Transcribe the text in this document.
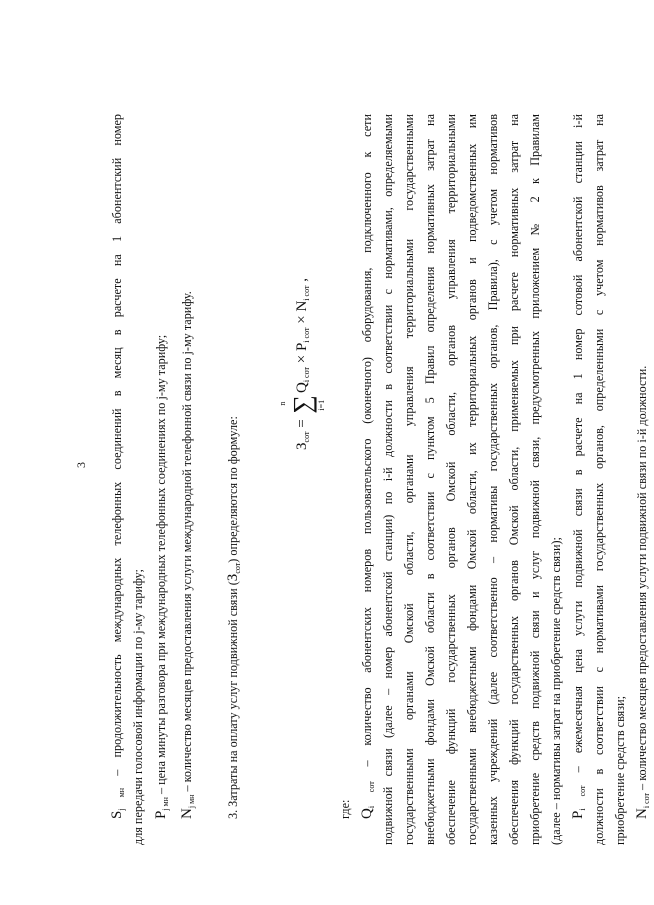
3
$S_{j мн}$ – продолжительность международных телефонных соединений в месяц в расчете на 1 абонентский номер для передачи голосовой информации по j-му тарифу; $P_{j мн}$ – цена минуты разговора при международных телефонных соединениях по j-му тарифу;
$N_{j мн}$ – количество месяцев предоставления услуги международной телефонной связи по j-му тарифу.	3. Затраты на оплату услуг подвижной связи $(З_{сот})$ определяются по формуле:	$З_{сот}$ = ∑
n	i=1
$Q_{i сот} \times P_{i сот} \times N_{i сот}$ ,
где: $Q_{i сот}$ – количество абонентских номеров пользовательского (оконечного) оборудования, подключенного к сети подвижной связи (далее – номер абонентской станции) по i-й должности в соответствии с нормативами, определяемыми государственными органами Омской области, органами управления территориальными государственными внебюджетными фондами Омской области в соответствии с пунктом 5 Правил определения нормативных затрат на обеспечение функций государственных органов Омской области, органов управления территориальными государственными внебюджетными фондами Омской области, их территориальных органов и подведомственных им казенных учреждений (далее соответственно – нормативы государственных органов, Правила), с учетом нормативов обеспечения функций государственных органов Омской области, применяемых при расчете нормативных затрат на приобретение средств подвижной связи и услуг подвижной связи, предусмотренных приложением № 2 к Правилам (далее – нормативы затрат на приобретение средств связи); $P_{i сот}$ – ежемесячная цена услуги подвижной связи в расчете на 1 номер сотовой абонентской станции i-й должности в соответствии с нормативами государственных органов, определенными с учетом нормативов затрат на приобретение средств связи; $N_{i сот}$ – количество месяцев предоставления услуги подвижной связи по i-й должности.
